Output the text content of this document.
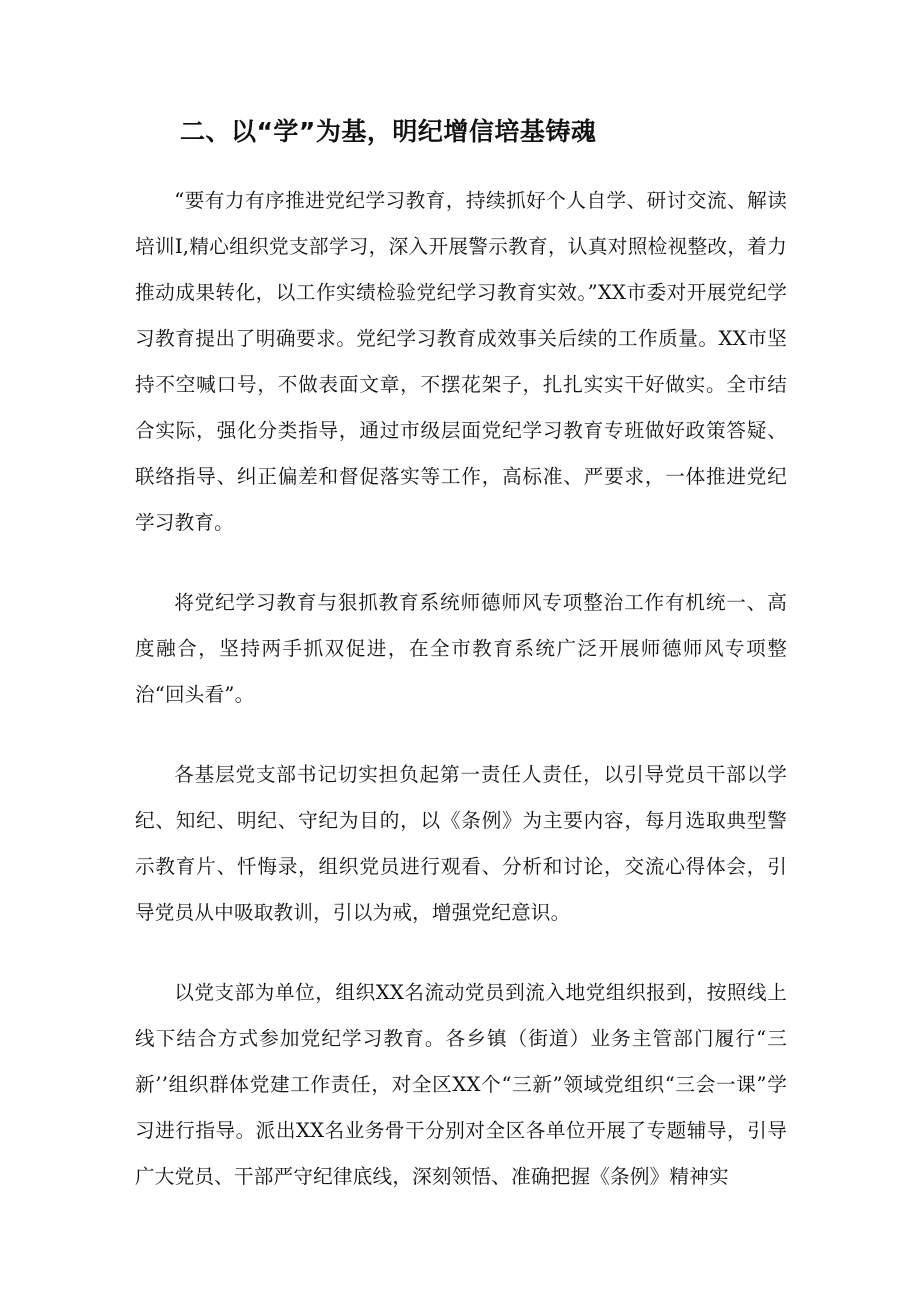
二、以“学”为基，明纪增信培基铸魂

“要有力有序推进党纪学习教育，持续抓好个人自学、研讨交流、解读培训I,精心组织党支部学习，深入开展警示教育，认真对照检视整改，着力推动成果转化，以工作实绩检验党纪学习教育实效。”XX市委对开展党纪学习教育提出了明确要求。党纪学习教育成效事关后续的工作质量。XX市坚持不空喊口号，不做表面文章，不摆花架子，扎扎实实干好做实。全市结合实际，强化分类指导，通过市级层面党纪学习教育专班做好政策答疑、联络指导、纠正偏差和督促落实等工作，高标准、严要求，一体推进党纪学习教育。

将党纪学习教育与狠抓教育系统师德师风专项整治工作有机统一、高度融合，坚持两手抓双促进，在全市教育系统广泛开展师德师风专项整治“回头看”。

各基层党支部书记切实担负起第一责任人责任，以引导党员干部以学纪、知纪、明纪、守纪为目的，以《条例》为主要内容，每月选取典型警示教育片、忏悔录，组织党员进行观看、分析和讨论，交流心得体会，引导党员从中吸取教训，引以为戒，增强党纪意识。

以党支部为单位，组织XX名流动党员到流入地党组织报到，按照线上线下结合方式参加党纪学习教育。各乡镇（街道）业务主管部门履行“三新’’组织群体党建工作责任，对全区XX个“三新”领域党组织“三会一课”学习进行指导。派出XX名业务骨干分别对全区各单位开展了专题辅导，引导广大党员、干部严守纪律底线，深刻领悟、准确把握《条例》精神实
